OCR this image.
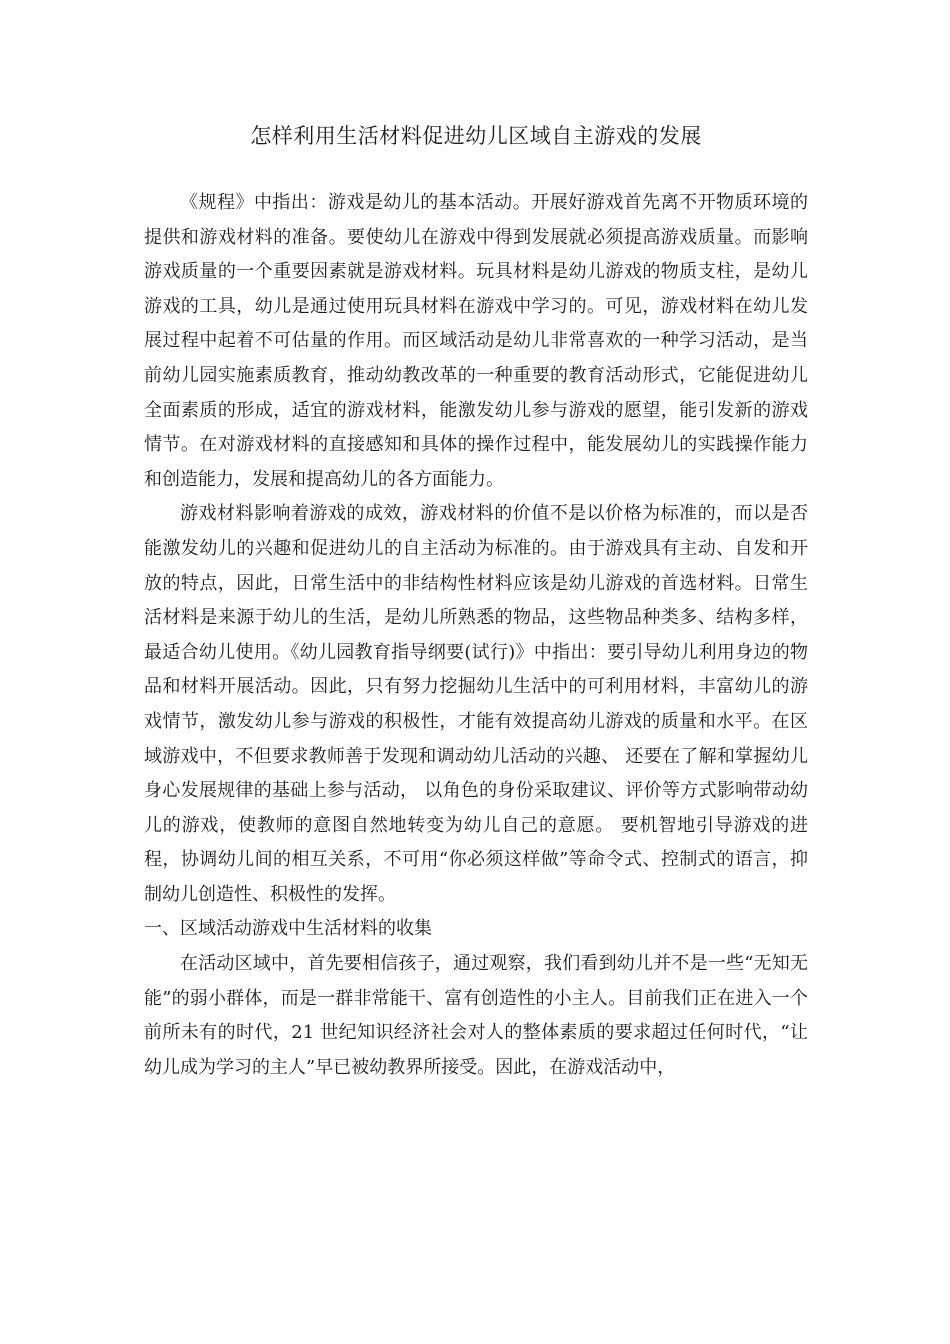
怎样利用生活材料促进幼儿区域自主游戏的发展

《规程》中指出：游戏是幼儿的基本活动。开展好游戏首先离不开物质环境的提供和游戏材料的准备。要使幼儿在游戏中得到发展就必须提高游戏质量。而影响游戏质量的一个重要因素就是游戏材料。玩具材料是幼儿游戏的物质支柱，是幼儿游戏的工具，幼儿是通过使用玩具材料在游戏中学习的。可见，游戏材料在幼儿发展过程中起着不可估量的作用。而区域活动是幼儿非常喜欢的一种学习活动，是当前幼儿园实施素质教育，推动幼教改革的一种重要的教育活动形式，它能促进幼儿全面素质的形成，适宜的游戏材料，能激发幼儿参与游戏的愿望，能引发新的游戏情节。在对游戏材料的直接感知和具体的操作过程中，能发展幼儿的实践操作能力和创造能力，发展和提高幼儿的各方面能力。

游戏材料影响着游戏的成效，游戏材料的价值不是以价格为标准的，而以是否能激发幼儿的兴趣和促进幼儿的自主活动为标准的。由于游戏具有主动、自发和开放的特点，因此，日常生活中的非结构性材料应该是幼儿游戏的首选材料。日常生活材料是来源于幼儿的生活，是幼儿所熟悉的物品，这些物品种类多、结构多样，最适合幼儿使用。《幼儿园教育指导纲要(试行)》中指出：要引导幼儿利用身边的物品和材料开展活动。因此，只有努力挖掘幼儿生活中的可利用材料，丰富幼儿的游戏情节，激发幼儿参与游戏的积极性，才能有效提高幼儿游戏的质量和水平。在区域游戏中，不但要求教师善于发现和调动幼儿活动的兴趣、 还要在了解和掌握幼儿身心发展规律的基础上参与活动， 以角色的身份采取建议、评价等方式影响带动幼儿的游戏，使教师的意图自然地转变为幼儿自己的意愿。 要机智地引导游戏的进程，协调幼儿间的相互关系，不可用“你必须这样做”等命令式、控制式的语言，抑制幼儿创造性、积极性的发挥。

一、区域活动游戏中生活材料的收集

在活动区域中，首先要相信孩子，通过观察，我们看到幼儿并不是一些“无知无能”的弱小群体，而是一群非常能干、富有创造性的小主人。目前我们正在进入一个前所未有的时代，21 世纪知识经济社会对人的整体素质的要求超过任何时代，“让幼儿成为学习的主人”早已被幼教界所接受。因此，在游戏活动中，
